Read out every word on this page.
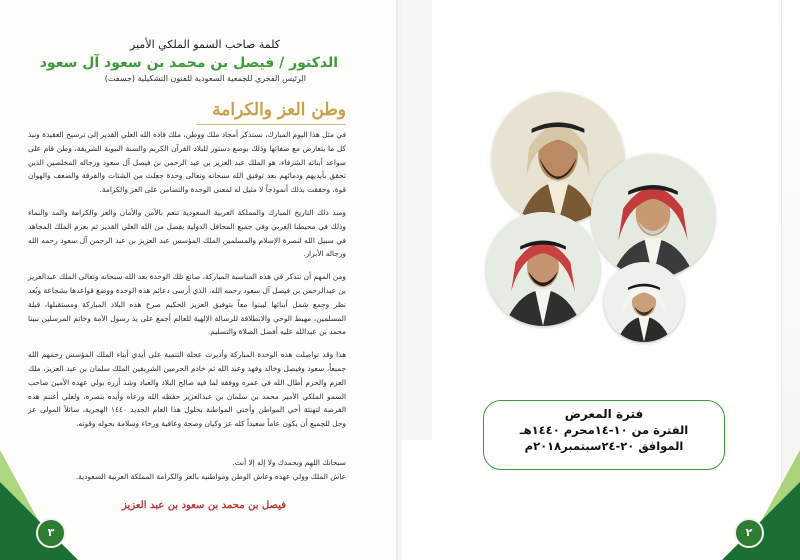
كلمة صاحب السمو الملكي الأمير
الدكتور / فيصل بن محمد بن سعود آل سعود
الرئيس الفخري للجمعية السعودية للفنون التشكيلية (جسفت)
وطن العز والكرامة

في مثل هذا اليوم المبارك، نستذكر أمجاد ملك ووطن، ملك قاده الله العلي القدير إلى ترسيخ العقيدة ونبذ كل ما يتعارض مع صفائها وذلك بوضع دستور للبلاد القرآن الكريم والسنة النبوية الشريفة، وطن قام على سواعد أبنائه الشرفاء، هو الملك عبد العزيز بن عبد الرحمن بن فيصل آل سعود ورجاله المخلصين الذين تحقق بأيديهم ودمائهم بعد توفيق الله سبحانه وتعالى وحدة جعلت من الشتات والفرقة والضعف والهوان قوة، وحققت بذلك أنموذجاً لا مثيل له لمعنى الوحدة والتضامن على العز والكرامة.

ومنذ ذلك التاريخ المبارك والمملكة العربية السعودية تنعم بالأمن والأمان والعز والكرامة والمد والنماء وذلك في محيطنا العربي وفي جميع المحافل الدولية بفضل من الله العلي القدير ثم بعزم الملك المجاهد في سبيل الله لنصرة الإسلام والمسلمين الملك المؤسس عبد العزيز بن عبد الرحمن آل سعود رحمه الله ورجاله الأبرار.

ومن المهم أن نتذكر في هذه المناسبة المباركة، صانع تلك الوحدة بعد الله سبحانه وتعالى الملك عبدالعزيز بن عبدالرحمن بن فيصل آل سعود رحمه الله، الذي أرسى دعائم هذه الوحدة ووضع قواعدها بشجاعة وبُعد نظر وجمع شمل أبنائها ليبنوا معاً بتوفيق العزيز الحكيم صرح هذه البلاد المباركة ومستقبلها، قبلة المسلمين، مهبط الوحي والانطلاقة للرسالة الإلهية للعالم أجمع على يد رسول الأمة وخاتم المرسلين نبينا محمد بن عبدالله عليه أفضل الصلاة والتسليم.

هذا وقد تواصلت هذه الوحدة المباركة وأديرت عجلة التنمية على أيدي أبناء الملك المؤسس رحمهم الله جميعاً، سعود وفيصل وخالد وفهد وعبد الله ثم خادم الحرمين الشريفين الملك سلمان بن عبد العزيز، ملك العزم والحزم أطال الله في عمره ووفقه لما فيه صالح البلاد والعباد وشد أزره بولي عهده الأمين صاحب السمو الملكي الأمير محمد بن سلمان بن عبدالعزيز حفظه الله ورعاه وأيده بنصره، ولعلي أغتنم هذه الفرصة لتهنئة أخي المواطن وأختي المواطنة بحلول هذا العام الجديد ١٤٤٠ الهجرية، سائلاً المولى عز وجل للجميع أن يكون عاماً سعيداً كله عز وكيان وصحة وعافية ورخاء وسلامة بحوله وقوته.

سبحانك اللهم وبحمدك ولا إله إلا أنت.
عاش الملك وولي عهده وعاش الوطن ومواطنيه بالعز والكرامة المملكة العربية السعودية.
فيصل بن محمد بن سعود بن عبد العزيز
٣	٢
فترة المعرض
الفترة من ١٠-١٤محرم ١٤٤٠هـ
الموافق ٢٠-٢٤سبتمبر٢٠١٨م
